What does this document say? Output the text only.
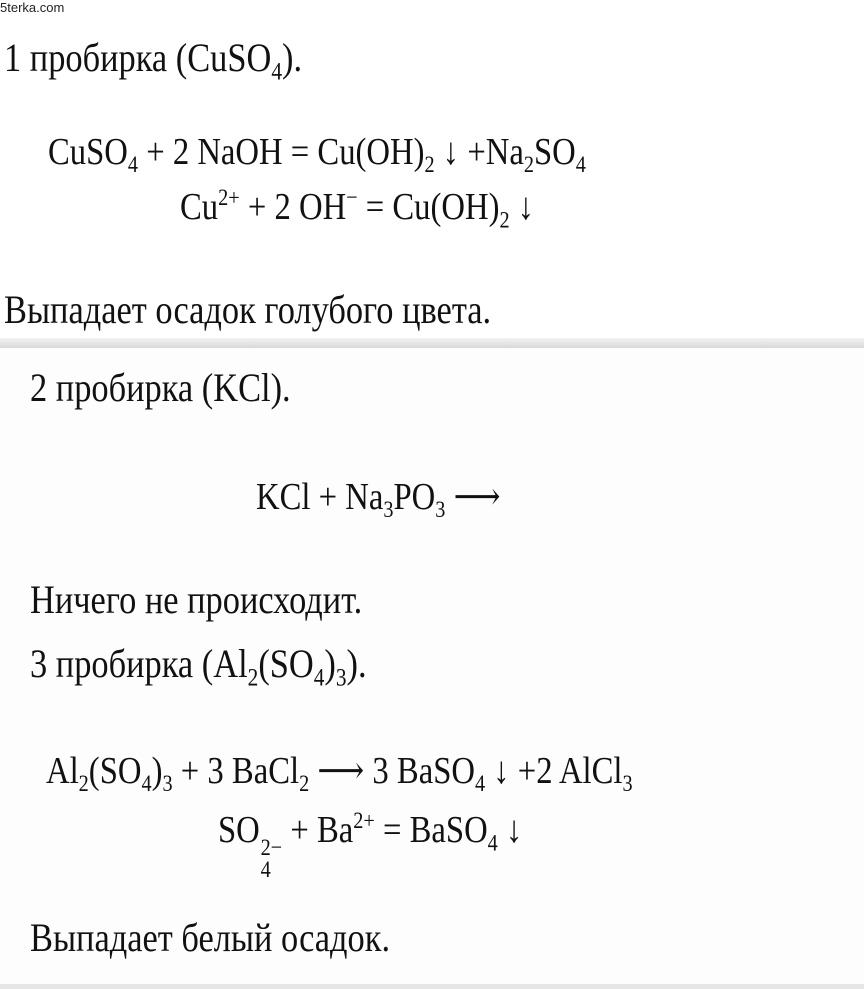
5terka.com
1 пробирка (CuSO$_4$).
CuSO$_4$ + 2 NaOH = $Cu(OH)_2$ ↓ $+Na_2SO_4$
$Cu^{2+} + 2$ $OH^- = Cu(OH)_2$ ↓
Выпадает осадок голубого цвета.
2 пробирка (KCl).
KCl + $Na_3PO_3$ ⟶
Ничего не происходит.
3 пробирка $(Al_2(SO_4)_3)$.
$Al_2(SO_4)_3 + 3$ BaCl$_2$ ⟶ 3 BaSO$_4$ ↓ +2 AlCl$_3$
SO 2−
4
+ $Ba^{2+}$ = BaSO$_4$ ↓
Выпадает белый осадок.
